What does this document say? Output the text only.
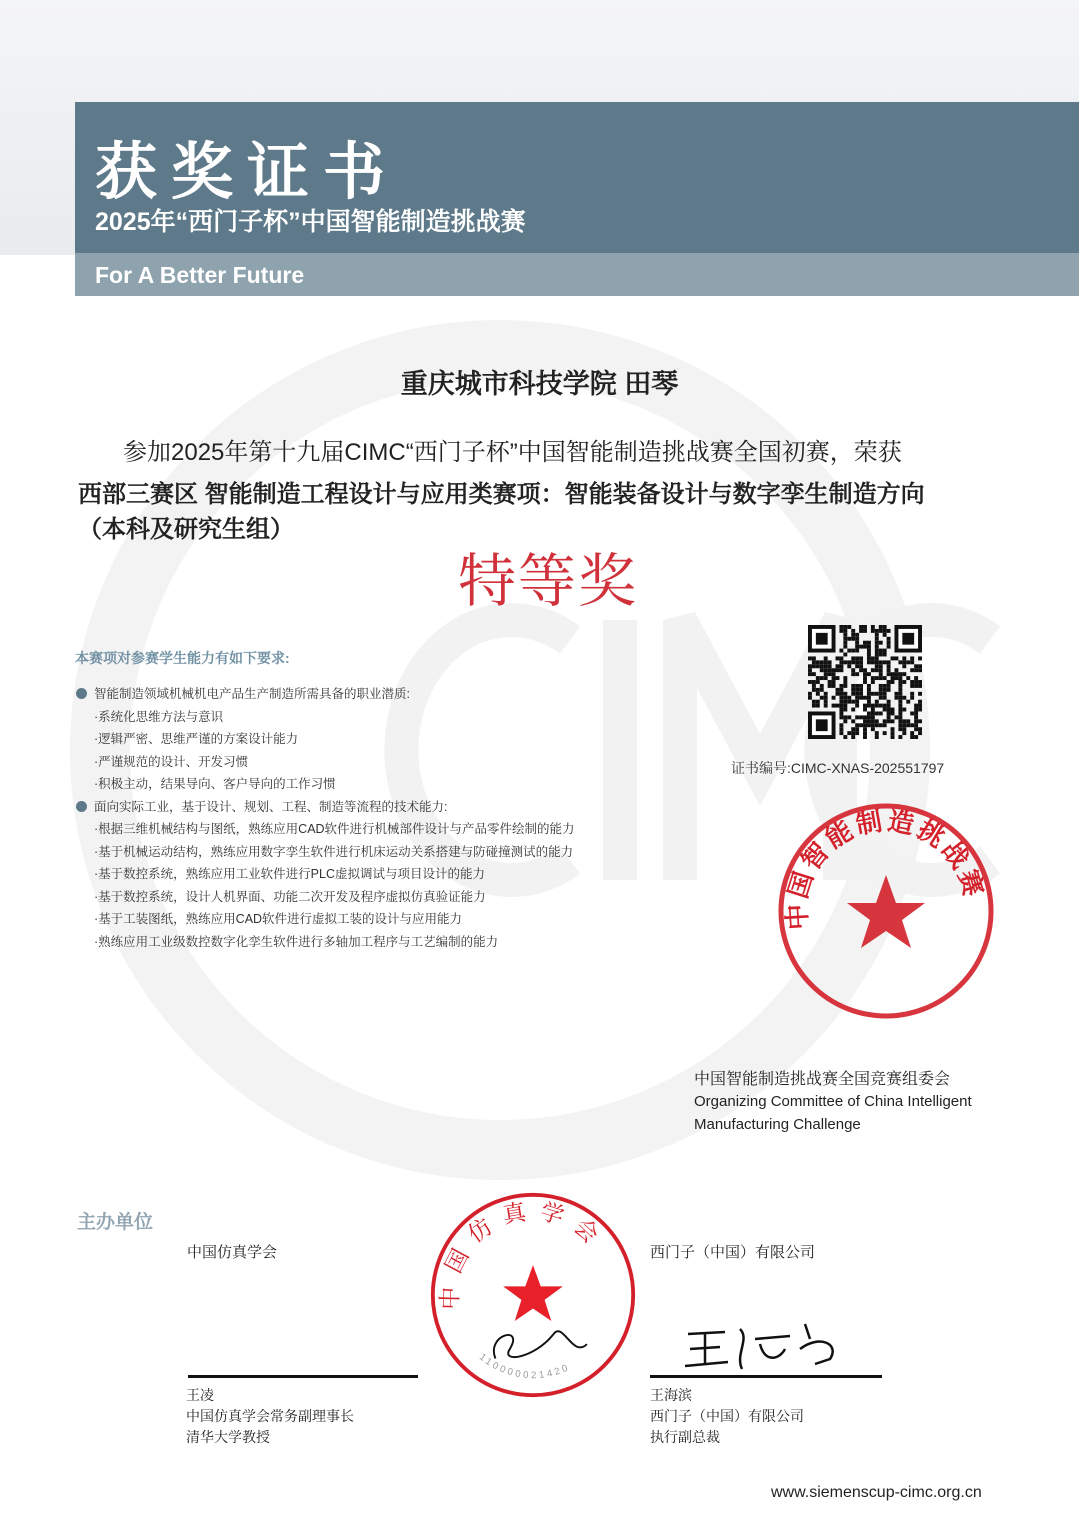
获奖证书
2025年“西门子杯”中国智能制造挑战赛
For A Better Future
重庆城市科技学院 田琴
参加2025年第十九届CIMC“西门子杯”中国智能制造挑战赛全国初赛，荣获
西部三赛区 智能制造工程设计与应用类赛项：智能装备设计与数字孪生制造方向
（本科及研究生组）
特等奖
本赛项对参赛学生能力有如下要求:
智能制造领域机械机电产品生产制造所需具备的职业潜质:
·系统化思维方法与意识
·逻辑严密、思维严谨的方案设计能力
·严谨规范的设计、开发习惯
·积极主动，结果导向、客户导向的工作习惯
面向实际工业，基于设计、规划、工程、制造等流程的技术能力:
·根据三维机械结构与图纸，熟练应用CAD软件进行机械部件设计与产品零件绘制的能力
·基于机械运动结构，熟练应用数字孪生软件进行机床运动关系搭建与防碰撞测试的能力
·基于数控系统，熟练应用工业软件进行PLC虚拟调试与项目设计的能力
·基于数控系统，设计人机界面、功能二次开发及程序虚拟仿真验证能力
·基于工装图纸，熟练应用CAD软件进行虚拟工装的设计与应用能力
·熟练应用工业级数控数字化孪生软件进行多轴加工程序与工艺编制的能力
证书编号:CIMC-XNAS-202551797
中国智能制造挑战赛
中国智能制造挑战赛全国竞赛组委会
Organizing Committee of China Intelligent
Manufacturing Challenge
主办单位
中国仿真学会
110000021420
中国仿真学会
王凌
中国仿真学会常务副理事长
清华大学教授
西门子（中国）有限公司
王海滨
西门子（中国）有限公司
执行副总裁
www.siemenscup-cimc.org.cn
